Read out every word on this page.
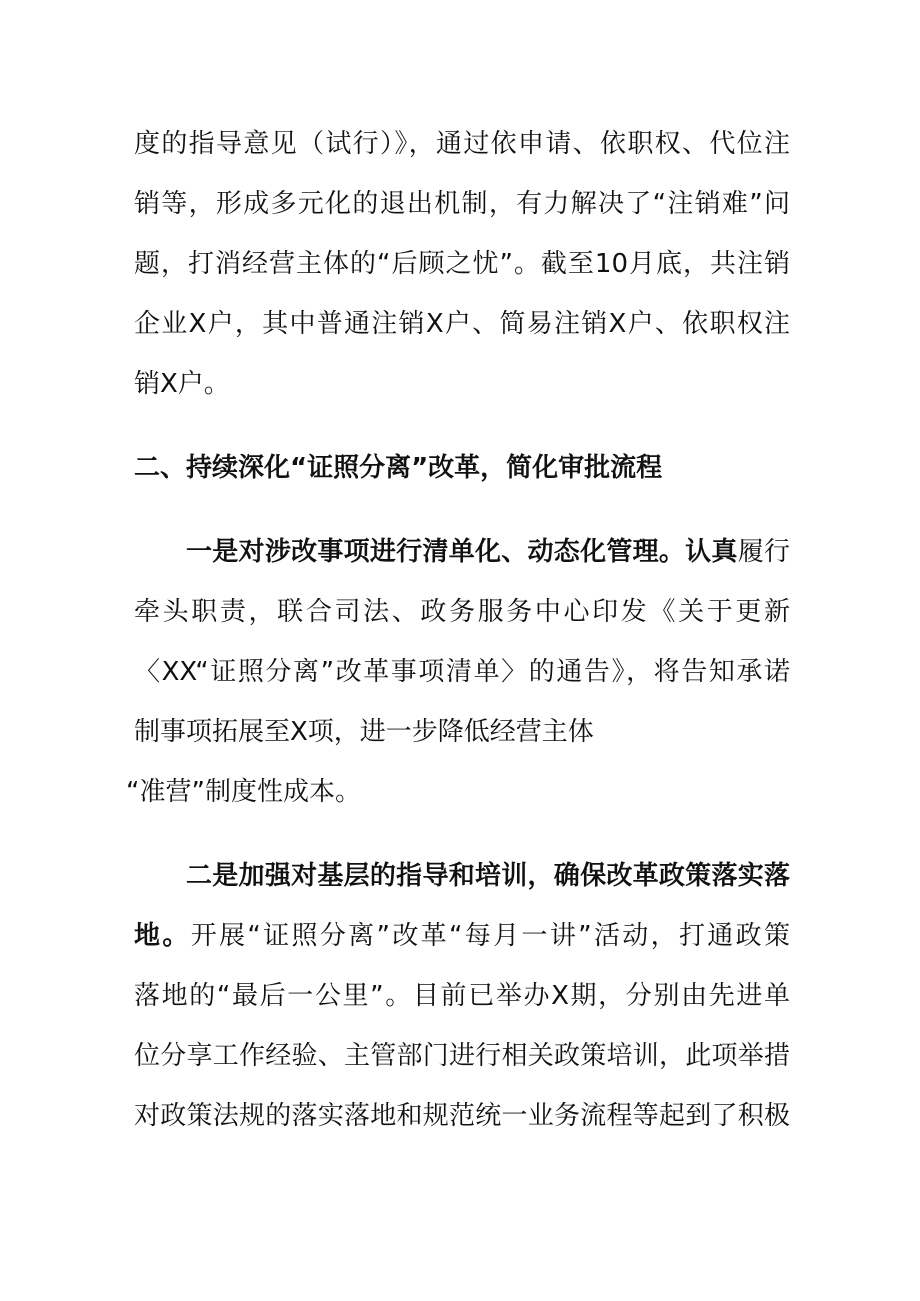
度的指导意见（试行）》，通过依申请、依职权、代位注
销等，形成多元化的退出机制，有力解决了“注销难”问
题，打消经营主体的“后顾之忧”。截至10月底，共注销
企业X户，其中普通注销X户、简易注销X户、依职权注
销X户。
二、持续深化“证照分离”改革，简化审批流程
一是对涉改事项进行清单化、动态化管理。认真履行
牵头职责，联合司法、政务服务中心印发《关于更新
〈XX“证照分离”改革事项清单〉的通告》，将告知承诺
制事项拓展至X项，进一步降低经营主体
“准营”制度性成本。
二是加强对基层的指导和培训，确保改革政策落实落
地。开展“证照分离”改革“每月一讲”活动，打通政策
落地的“最后一公里”。目前已举办X期，分别由先进单
位分享工作经验、主管部门进行相关政策培训，此项举措
对政策法规的落实落地和规范统一业务流程等起到了积极
